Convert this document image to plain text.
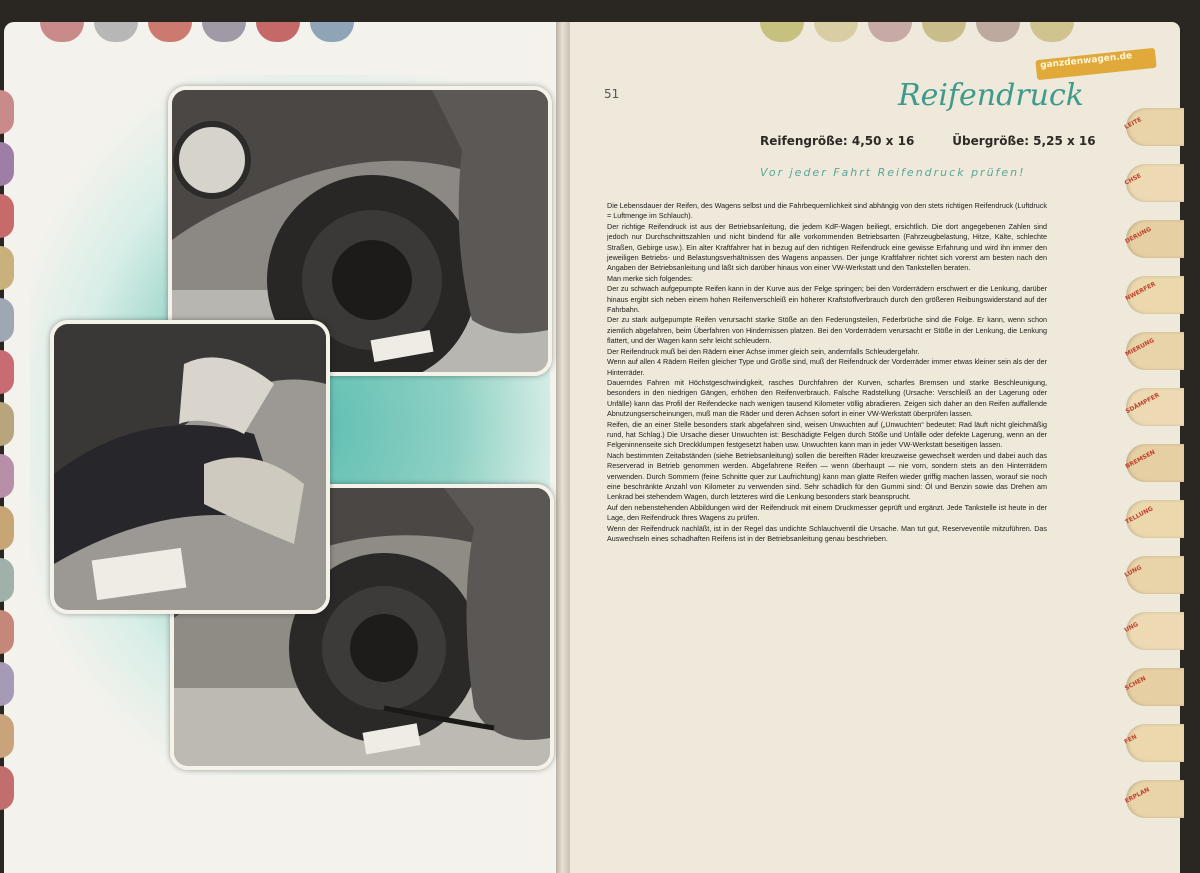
51	Reifendruck
Reifengröße: 4,50 x 16	Übergröße: 5,25 x 16
Vor jeder Fahrt Reifendruck prüfen!

Die Lebensdauer der Reifen, des Wagens selbst und die Fahrbequemlichkeit sind abhängig von den stets richtigen Reifendruck (Luftdruck = Luftmenge im Schlauch).

Der richtige Reifendruck ist aus der Betriebsanleitung, die jedem KdF-Wagen beiliegt, ersichtlich. Die dort angegebenen Zahlen sind jedoch nur Durchschnittszahlen und nicht bindend für alle vorkommenden Betriebsarten (Fahrzeugbelastung, Hitze, Kälte, schlechte Straßen, Gebirge usw.). Ein alter Kraftfahrer hat in bezug auf den richtigen Reifendruck eine gewisse Erfahrung und wird ihn immer den jeweiligen Betriebs- und Belastungsverhältnissen des Wagens anpassen. Der junge Kraftfahrer richtet sich vorerst am besten nach den Angaben der Betriebsanleitung und läßt sich darüber hinaus von einer VW-Werkstatt und den Tankstellen beraten.

Man merke sich folgendes:

Der zu schwach aufgepumpte Reifen kann in der Kurve aus der Felge springen; bei den Vorderrädern erschwert er die Lenkung, darüber hinaus ergibt sich neben einem hohen Reifenverschleiß ein höherer Kraftstoffverbrauch durch den größeren Reibungswiderstand auf der Fahrbahn.

Der zu stark aufgepumpte Reifen verursacht starke Stöße an den Federungsteilen, Federbrüche sind die Folge. Er kann, wenn schon ziemlich abgefahren, beim Überfahren von Hindernissen platzen. Bei den Vorderrädern verursacht er Stöße in der Lenkung, die Lenkung flattert, und der Wagen kann sehr leicht schleudern.

Der Reifendruck muß bei den Rädern einer Achse immer gleich sein, andernfalls Schleudergefahr.

Wenn auf allen 4 Rädern Reifen gleicher Type und Größe sind, muß der Reifendruck der Vorderräder immer etwas kleiner sein als der der Hinterräder.

Dauerndes Fahren mit Höchstgeschwindigkeit, rasches Durchfahren der Kurven, scharfes Bremsen und starke Beschleunigung, besonders in den niedrigen Gängen, erhöhen den Reifenverbrauch. Falsche Radstellung (Ursache: Verschleiß an der Lagerung oder Unfälle) kann das Profil der Reifendecke nach wenigen tausend Kilometer völlig abradieren. Zeigen sich daher an den Reifen auffallende Abnutzungserscheinungen, muß man die Räder und deren Achsen sofort in einer VW-Werkstatt überprüfen lassen.

Reifen, die an einer Stelle besonders stark abgefahren sind, weisen Unwuchten auf („Unwuchten“ bedeutet: Rad läuft nicht gleichmäßig rund, hat Schlag.) Die Ursache dieser Unwuchten ist: Beschädigte Felgen durch Stöße und Unfälle oder defekte Lagerung, wenn an der Felgeninnenseite sich Dreckklumpen festgesetzt haben usw. Unwuchten kann man in jeder VW-Werkstatt beseitigen lassen.

Nach bestimmten Zeitabständen (siehe Betriebsanleitung) sollen die bereiften Räder kreuzweise gewechselt werden und dabei auch das Reserverad in Betrieb genommen werden. Abgefahrene Reifen — wenn überhaupt — nie vorn, sondern stets an den Hinterrädern verwenden. Durch Sommern (feine Schnitte quer zur Laufrichtung) kann man glatte Reifen wieder griffig machen lassen, worauf sie noch eine beschränkte Anzahl von Kilometer zu verwenden sind. Sehr schädlich für den Gummi sind: Öl und Benzin sowie das Drehen am Lenkrad bei stehendem Wagen, durch letzteres wird die Lenkung besonders stark beansprucht.

Auf den nebenstehenden Abbildungen wird der Reifendruck mit einem Druckmesser geprüft und ergänzt. Jede Tankstelle ist heute in der Lage, den Reifendruck Ihres Wagens zu prüfen.

Wenn der Reifendruck nachläßt, ist in der Regel das undichte Schlauchventil die Ursache. Man tut gut, Reserveventile mitzuführen. Das Auswechseln eines schadhaften Reifens ist in der Betriebsanleitung genau beschrieben.

LEITE
CHSE
DERUNG
NWERFER
MIERUNG
SDÄMPFER
BREMSEN
TELLUNG
LUNG
UNG
SCHEN
FEN
ERPLAN
ganzdenwagen.de
